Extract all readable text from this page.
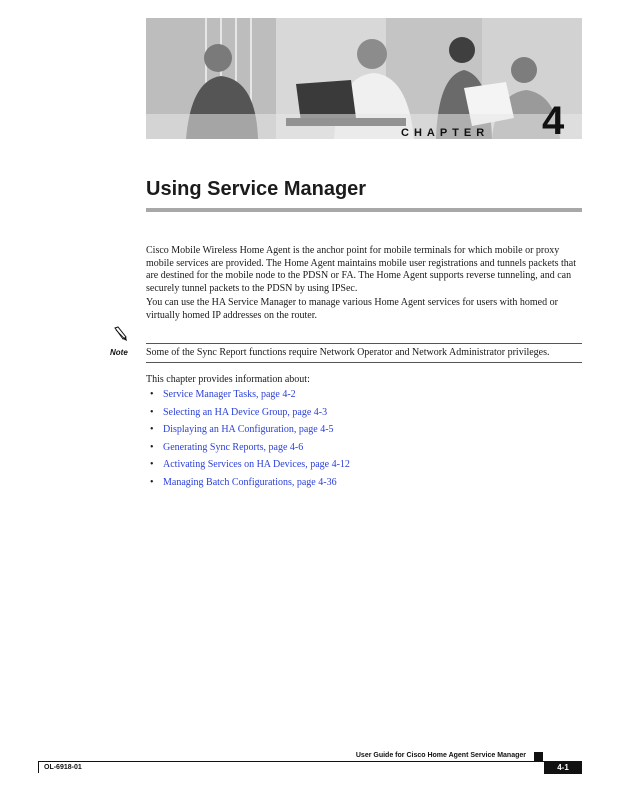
CHAPTER 4
Using Service Manager

Cisco Mobile Wireless Home Agent is the anchor point for mobile terminals for which mobile or proxy mobile services are provided. The Home Agent maintains mobile user registrations and tunnels packets that are destined for the mobile node to the PDSN or FA. The Home Agent supports reverse tunneling, and can securely tunnel packets to the PDSN by using IPSec.

You can use the HA Service Manager to manage various Home Agent services for users with homed or virtually homed IP addresses on the router.

Note Some of the Sync Report functions require Network Operator and Network Administrator privileges.

This chapter provides information about:

• Service Manager Tasks, page 4-2
• Selecting an HA Device Group, page 4-3
• Displaying an HA Configuration, page 4-5
• Generating Sync Reports, page 4-6
• Activating Services on HA Devices, page 4-12
• Managing Batch Configurations, page 4-36
User Guide for Cisco Home Agent Service Manager
OL-6918-01	4-1
